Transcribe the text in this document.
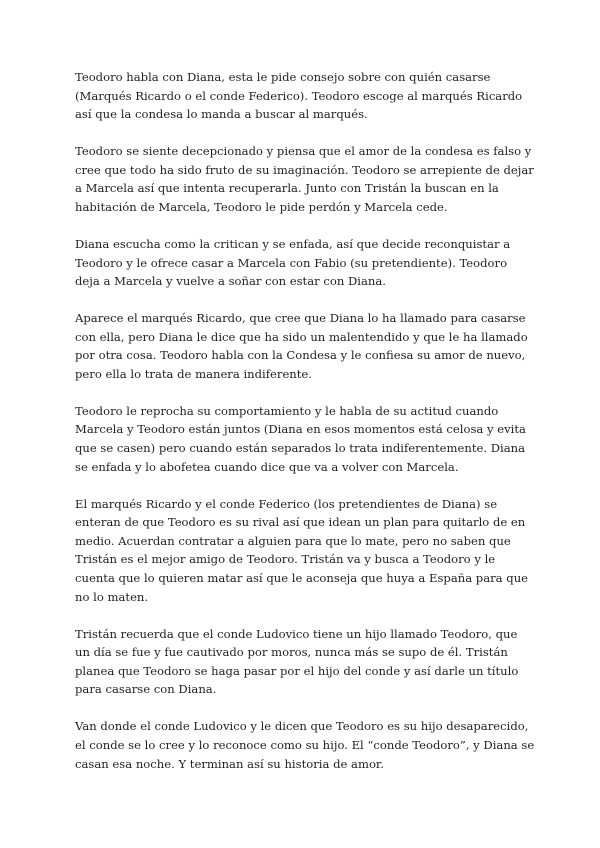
Teodoro habla con Diana, esta le pide consejo sobre con quién casarse (Marqués Ricardo o el conde Federico). Teodoro escoge al marqués Ricardo así que la condesa lo manda a buscar al marqués.

Teodoro se siente decepcionado y piensa que el amor de la condesa es falso y cree que todo ha sido fruto de su imaginación. Teodoro se arrepiente de dejar a Marcela así que intenta recuperarla. Junto con Tristán la buscan en la habitación de Marcela, Teodoro le pide perdón y Marcela cede.

Diana escucha como la critican y se enfada, así que decide reconquistar a Teodoro y le ofrece casar a Marcela con Fabio (su pretendiente). Teodoro deja a Marcela y vuelve a soñar con estar con Diana.

Aparece el marqués Ricardo, que cree que Diana lo ha llamado para casarse con ella, pero Diana le dice que ha sido un malentendido y que le ha llamado por otra cosa. Teodoro habla con la Condesa y le confiesa su amor de nuevo, pero ella lo trata de manera indiferente.

Teodoro le reprocha su comportamiento y le habla de su actitud cuando Marcela y Teodoro están juntos (Diana en esos momentos está celosa y evita que se casen) pero cuando están separados lo trata indiferentemente. Diana se enfada y lo abofetea cuando dice que va a volver con Marcela.

El marqués Ricardo y el conde Federico (los pretendientes de Diana) se enteran de que Teodoro es su rival así que idean un plan para quitarlo de en medio. Acuerdan contratar a alguien para que lo mate, pero no saben que Tristán es el mejor amigo de Teodoro. Tristán va y busca a Teodoro y le cuenta que lo quieren matar así que le aconseja que huya a España para que no lo maten.

Tristán recuerda que el conde Ludovico tiene un hijo llamado Teodoro, que un día se fue y fue cautivado por moros, nunca más se supo de él. Tristán planea que Teodoro se haga pasar por el hijo del conde y así darle un título para casarse con Diana.

Van donde el conde Ludovico y le dicen que Teodoro es su hijo desaparecido, el conde se lo cree y lo reconoce como su hijo. El “conde Teodoro”, y Diana se casan esa noche. Y terminan así su historia de amor.
